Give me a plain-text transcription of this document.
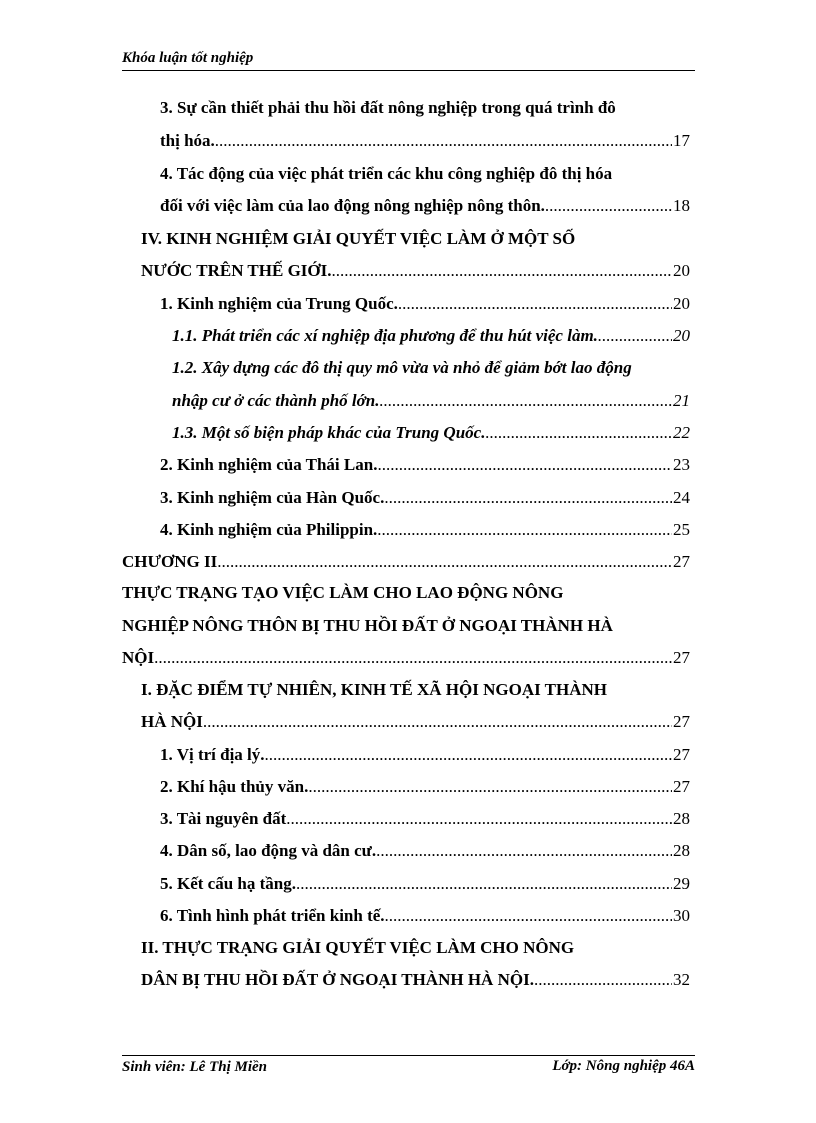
Khóa luận tốt nghiệp
3. Sự cần thiết phải thu hồi đất nông nghiệp trong quá trình đô
thị hóa. .....	17
4. Tác động của việc phát triển các khu công nghiệp đô thị hóa
đối với việc làm của lao động nông nghiệp nông thôn. .....	18
IV. KINH NGHIỆM GIẢI QUYẾT VIỆC LÀM Ở MỘT SỐ
NƯỚC TRÊN THẾ GIỚI. .....	20
1. Kinh nghiệm của Trung Quốc. .....	20
1.1. Phát triển các xí nghiệp địa phương để thu hút việc làm. .....	20
1.2. Xây dựng các đô thị quy mô vừa và nhỏ để giảm bớt lao động
nhập cư ở các thành phố lớn. .....	21
1.3. Một số biện pháp khác của Trung Quốc. .....	22
2. Kinh nghiệm của Thái Lan. .....	23
3. Kinh nghiệm của Hàn Quốc. .....	24
4. Kinh nghiệm của Philippin. .....	25
CHƯƠNG II .....	27
THỰC TRẠNG TẠO VIỆC LÀM CHO LAO ĐỘNG NÔNG
NGHIỆP NÔNG THÔN BỊ THU HỒI ĐẤT Ở NGOẠI THÀNH HÀ
NỘI .....	27
I. ĐẶC ĐIỂM TỰ NHIÊN, KINH TẾ XÃ HỘI NGOẠI THÀNH
HÀ NỘI .....	27
1. Vị trí địa lý. .....	27
2. Khí hậu thủy văn. .....	27
3. Tài nguyên đất .....	28
4. Dân số, lao động và dân cư. .....	28
5. Kết cấu hạ tầng. .....	29
6. Tình hình phát triển kinh tế. .....	30
II. THỰC TRẠNG GIẢI QUYẾT VIỆC LÀM CHO NÔNG
DÂN BỊ THU HỒI ĐẤT Ở NGOẠI THÀNH HÀ NỘI. .....	32
Sinh viên: Lê Thị Miền	Lớp: Nông nghiệp 46A
